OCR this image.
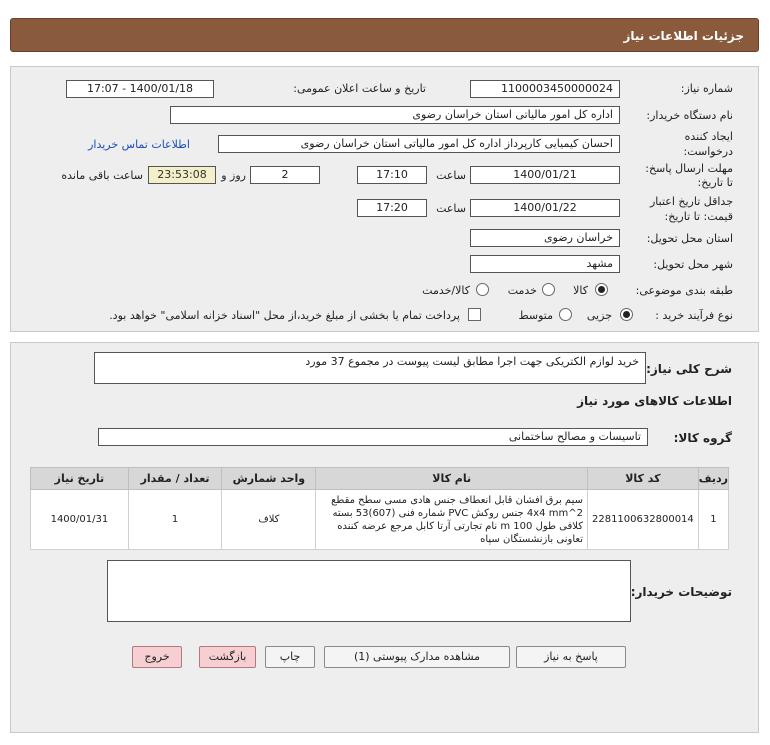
جزئیات اطلاعات نیاز
شماره نیاز:
1100003450000024
تاریخ و ساعت اعلان عمومی:
1400/01/18 - 17:07
نام دستگاه خریدار:
اداره کل امور مالیاتی استان خراسان رضوی
ایجاد کننده
درخواست:
احسان کیمیایی کارپرداز اداره کل امور مالیاتی استان خراسان رضوی
اطلاعات تماس خریدار
مهلت ارسال پاسخ:
تا تاریخ:
1400/01/21
ساعت
17:10
2
روز و
23:53:08
ساعت باقی مانده
جداقل تاریخ اعتبار
قیمت: تا تاریخ:
1400/01/22
ساعت
17:20
استان محل تحویل:
خراسان رضوی
شهر محل تحویل:
مشهد
طبقه بندی موضوعی:
کالا
خدمت
کالا/خدمت
نوع فرآیند خرید :
جزیی
متوسط
پرداخت تمام یا بخشی از مبلغ خرید،از محل "اسناد خزانه اسلامی" خواهد بود.
شرح کلی نیاز:
خرید لوازم الکتریکی جهت اجرا مطابق لیست پیوست در مجموع 37 مورد
اطلاعات کالاهای مورد نیاز
گروه کالا:
تاسیسات و مصالح ساختمانی
ردیف	کد کالا	نام کالا	واحد شمارش	تعداد / مقدار	تاریخ نیاز
1	2281100632800014	سیم برق افشان قابل انعطاف جنس هادی مسی سطح مقطع 2^4x4 mm جنس روکش PVC شماره فنی (607)53 بسته کلافی طول m 100 نام تجارتی آرتا کابل مرجع عرضه کننده تعاونی بازنشستگان سپاه	کلاف	1	1400/01/31
توضیحات خریدار:
پاسخ به نیاز
مشاهده مدارک پیوستی (1)
چاپ
بازگشت
خروج
